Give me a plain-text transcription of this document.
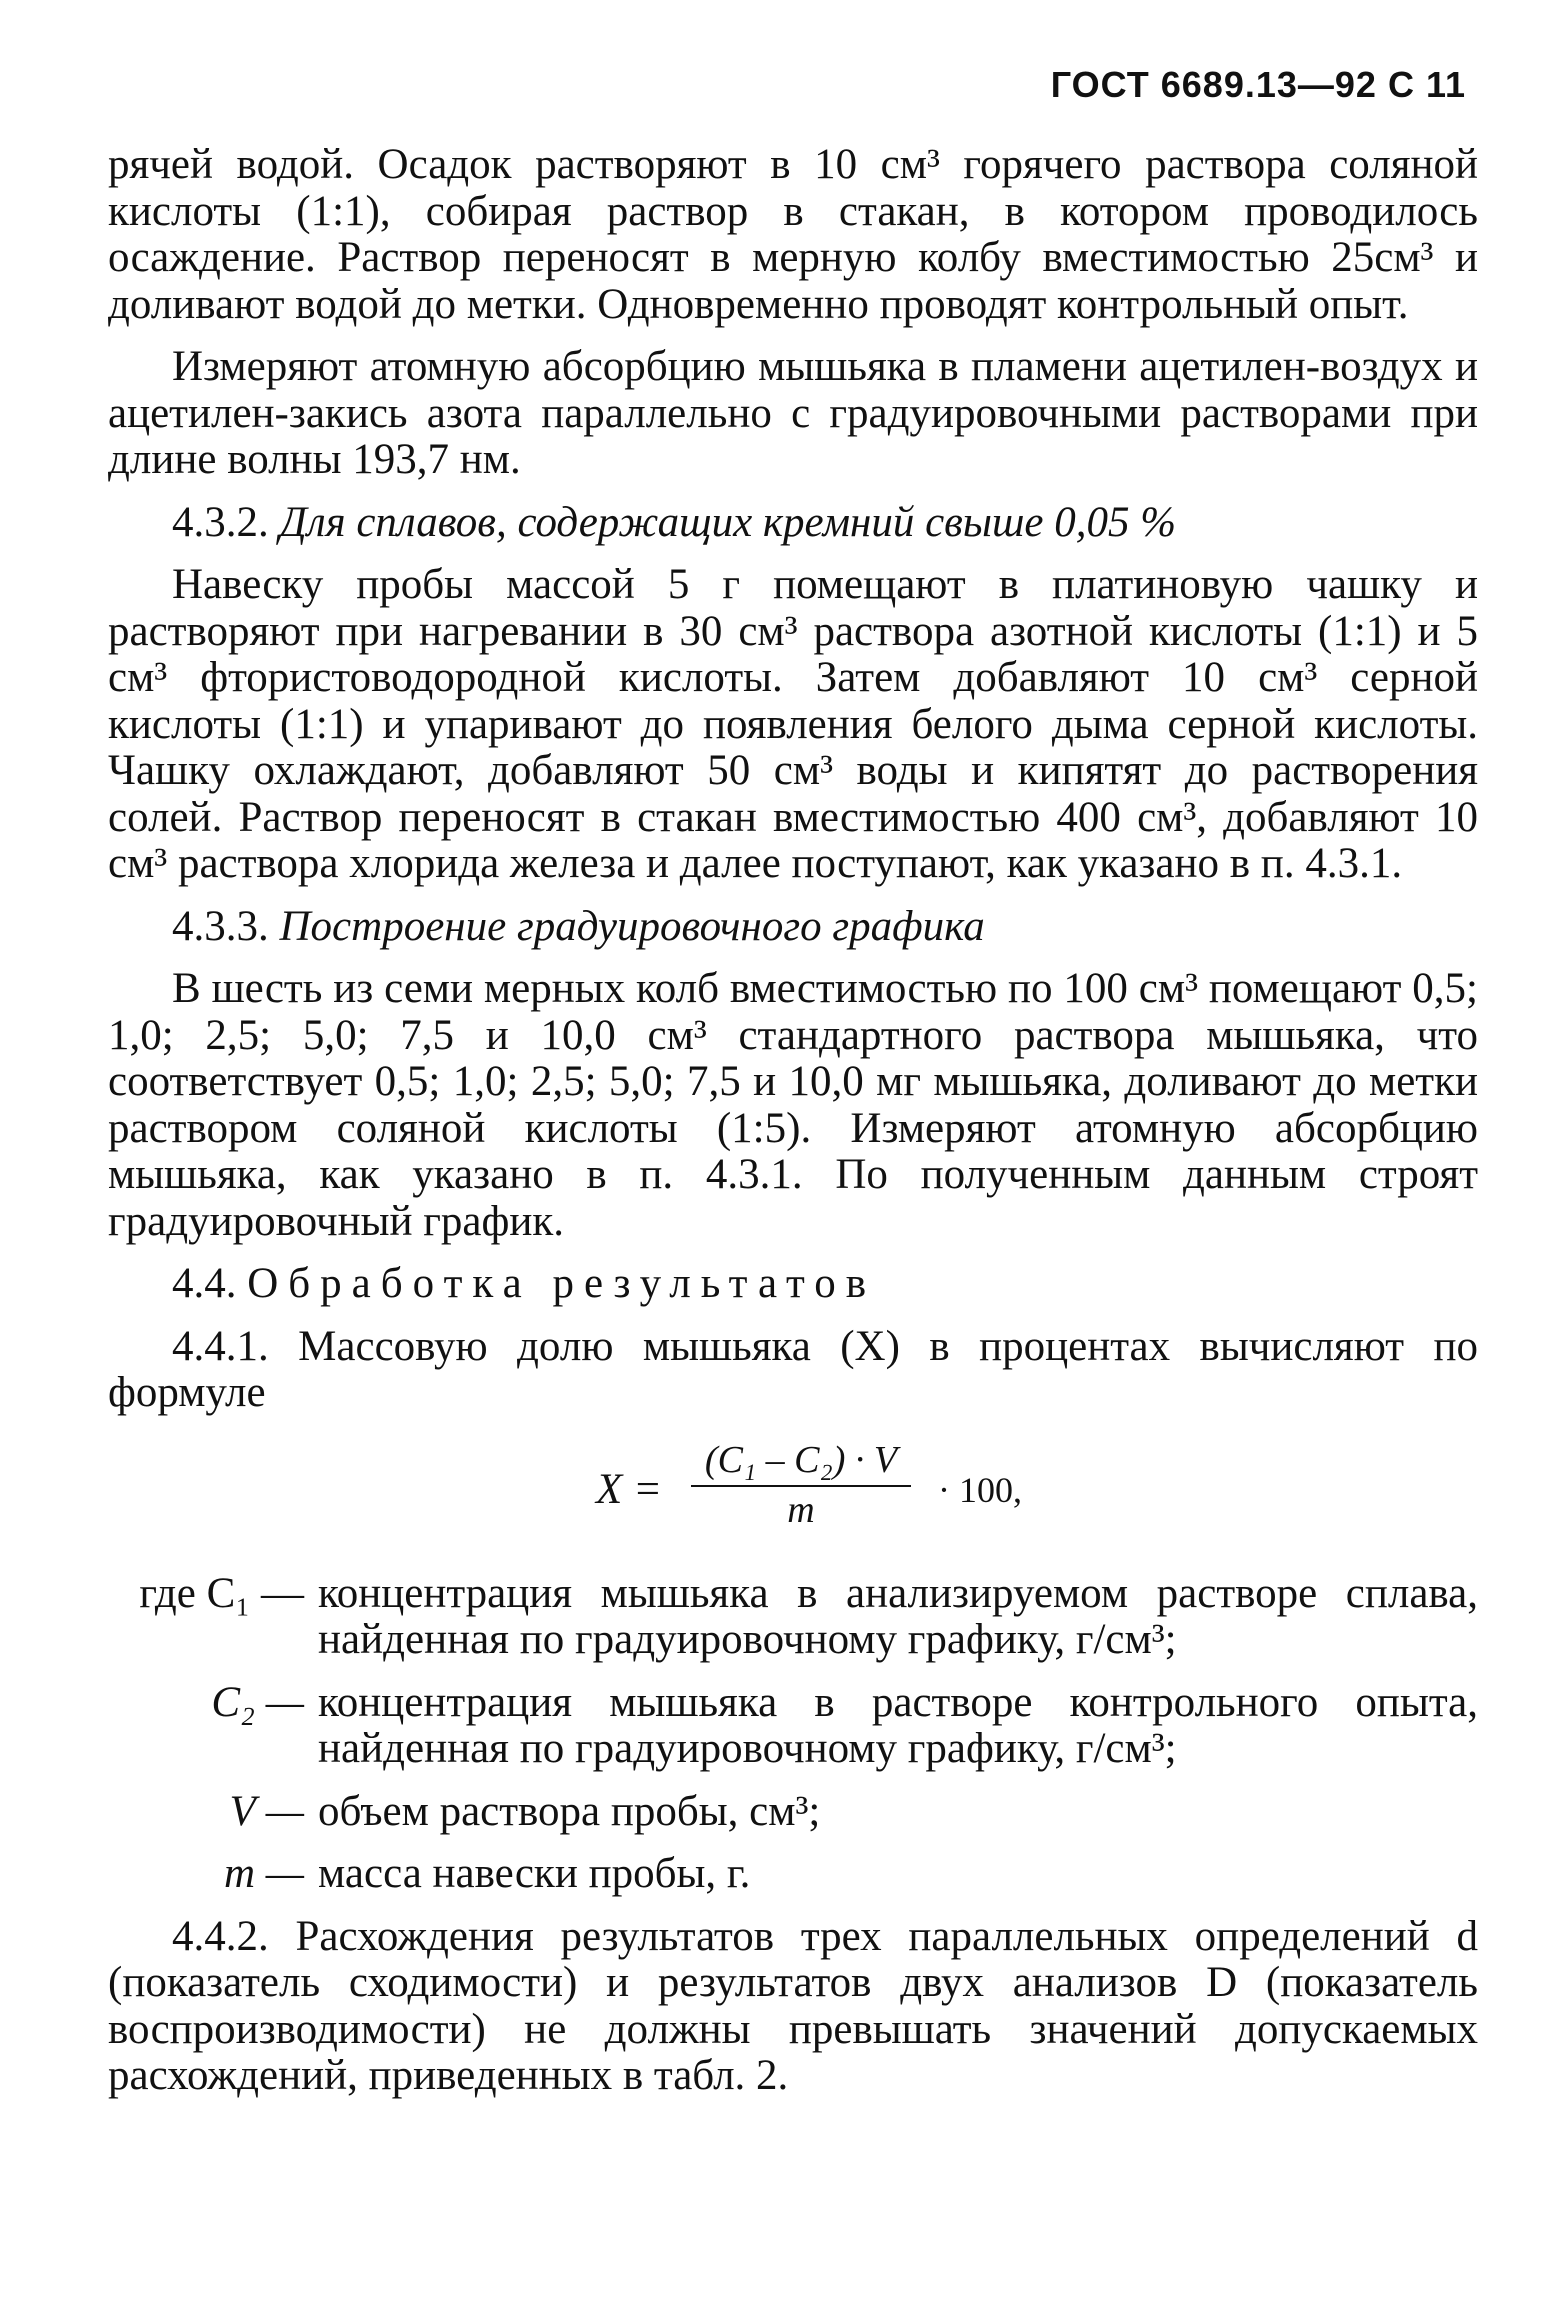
ГОСТ 6689.13—92 С 11

рячей водой. Осадок растворяют в 10 см³ горячего раствора соляной кислоты (1:1), собирая раствор в стакан, в котором проводилось осаждение. Раствор переносят в мерную колбу вместимостью 25см³ и доливают водой до метки. Одновременно проводят контрольный опыт.

Измеряют атомную абсорбцию мышьяка в пламени ацетилен-воздух и ацетилен-закись азота параллельно с градуировочными растворами при длине волны 193,7 нм.

4.3.2. Для сплавов, содержащих кремний свыше 0,05 %

Навеску пробы массой 5 г помещают в платиновую чашку и растворяют при нагревании в 30 см³ раствора азотной кислоты (1:1) и 5 см³ фтористоводородной кислоты. Затем добавляют 10 см³ серной кислоты (1:1) и упаривают до появления белого дыма серной кислоты. Чашку охлаждают, добавляют 50 см³ воды и кипятят до растворения солей. Раствор переносят в стакан вместимостью 400 см³, добавляют 10 см³ раствора хлорида железа и далее поступают, как указано в п. 4.3.1.

4.3.3. Построение градуировочного графика

В шесть из семи мерных колб вместимостью по 100 см³ помещают 0,5; 1,0; 2,5; 5,0; 7,5 и 10,0 см³ стандартного раствора мышьяка, что соответствует 0,5; 1,0; 2,5; 5,0; 7,5 и 10,0 мг мышьяка, доливают до метки раствором соляной кислоты (1:5). Измеряют атомную абсорбцию мышьяка, как указано в п. 4.3.1. По полученным данным строят градуировочный график.

4.4. Обработка результатов

4.4.1. Массовую долю мышьяка (X) в процентах вычисляют по формуле

X =
(C₁ – C₂) · V
m	· 100,
где C₁ — концентрация мышьяка в анализируемом растворе сплава, найденная по градуировочному графику, г/см³;
C₂ — концентрация мышьяка в растворе контрольного опыта, найденная по градуировочному графику, г/см³;
V — объем раствора пробы, см³;
m — масса навески пробы, г.

4.4.2. Расхождения результатов трех параллельных определений d (показатель сходимости) и результатов двух анализов D (показатель воспроизводимости) не должны превышать значений допускаемых расхождений, приведенных в табл. 2.
